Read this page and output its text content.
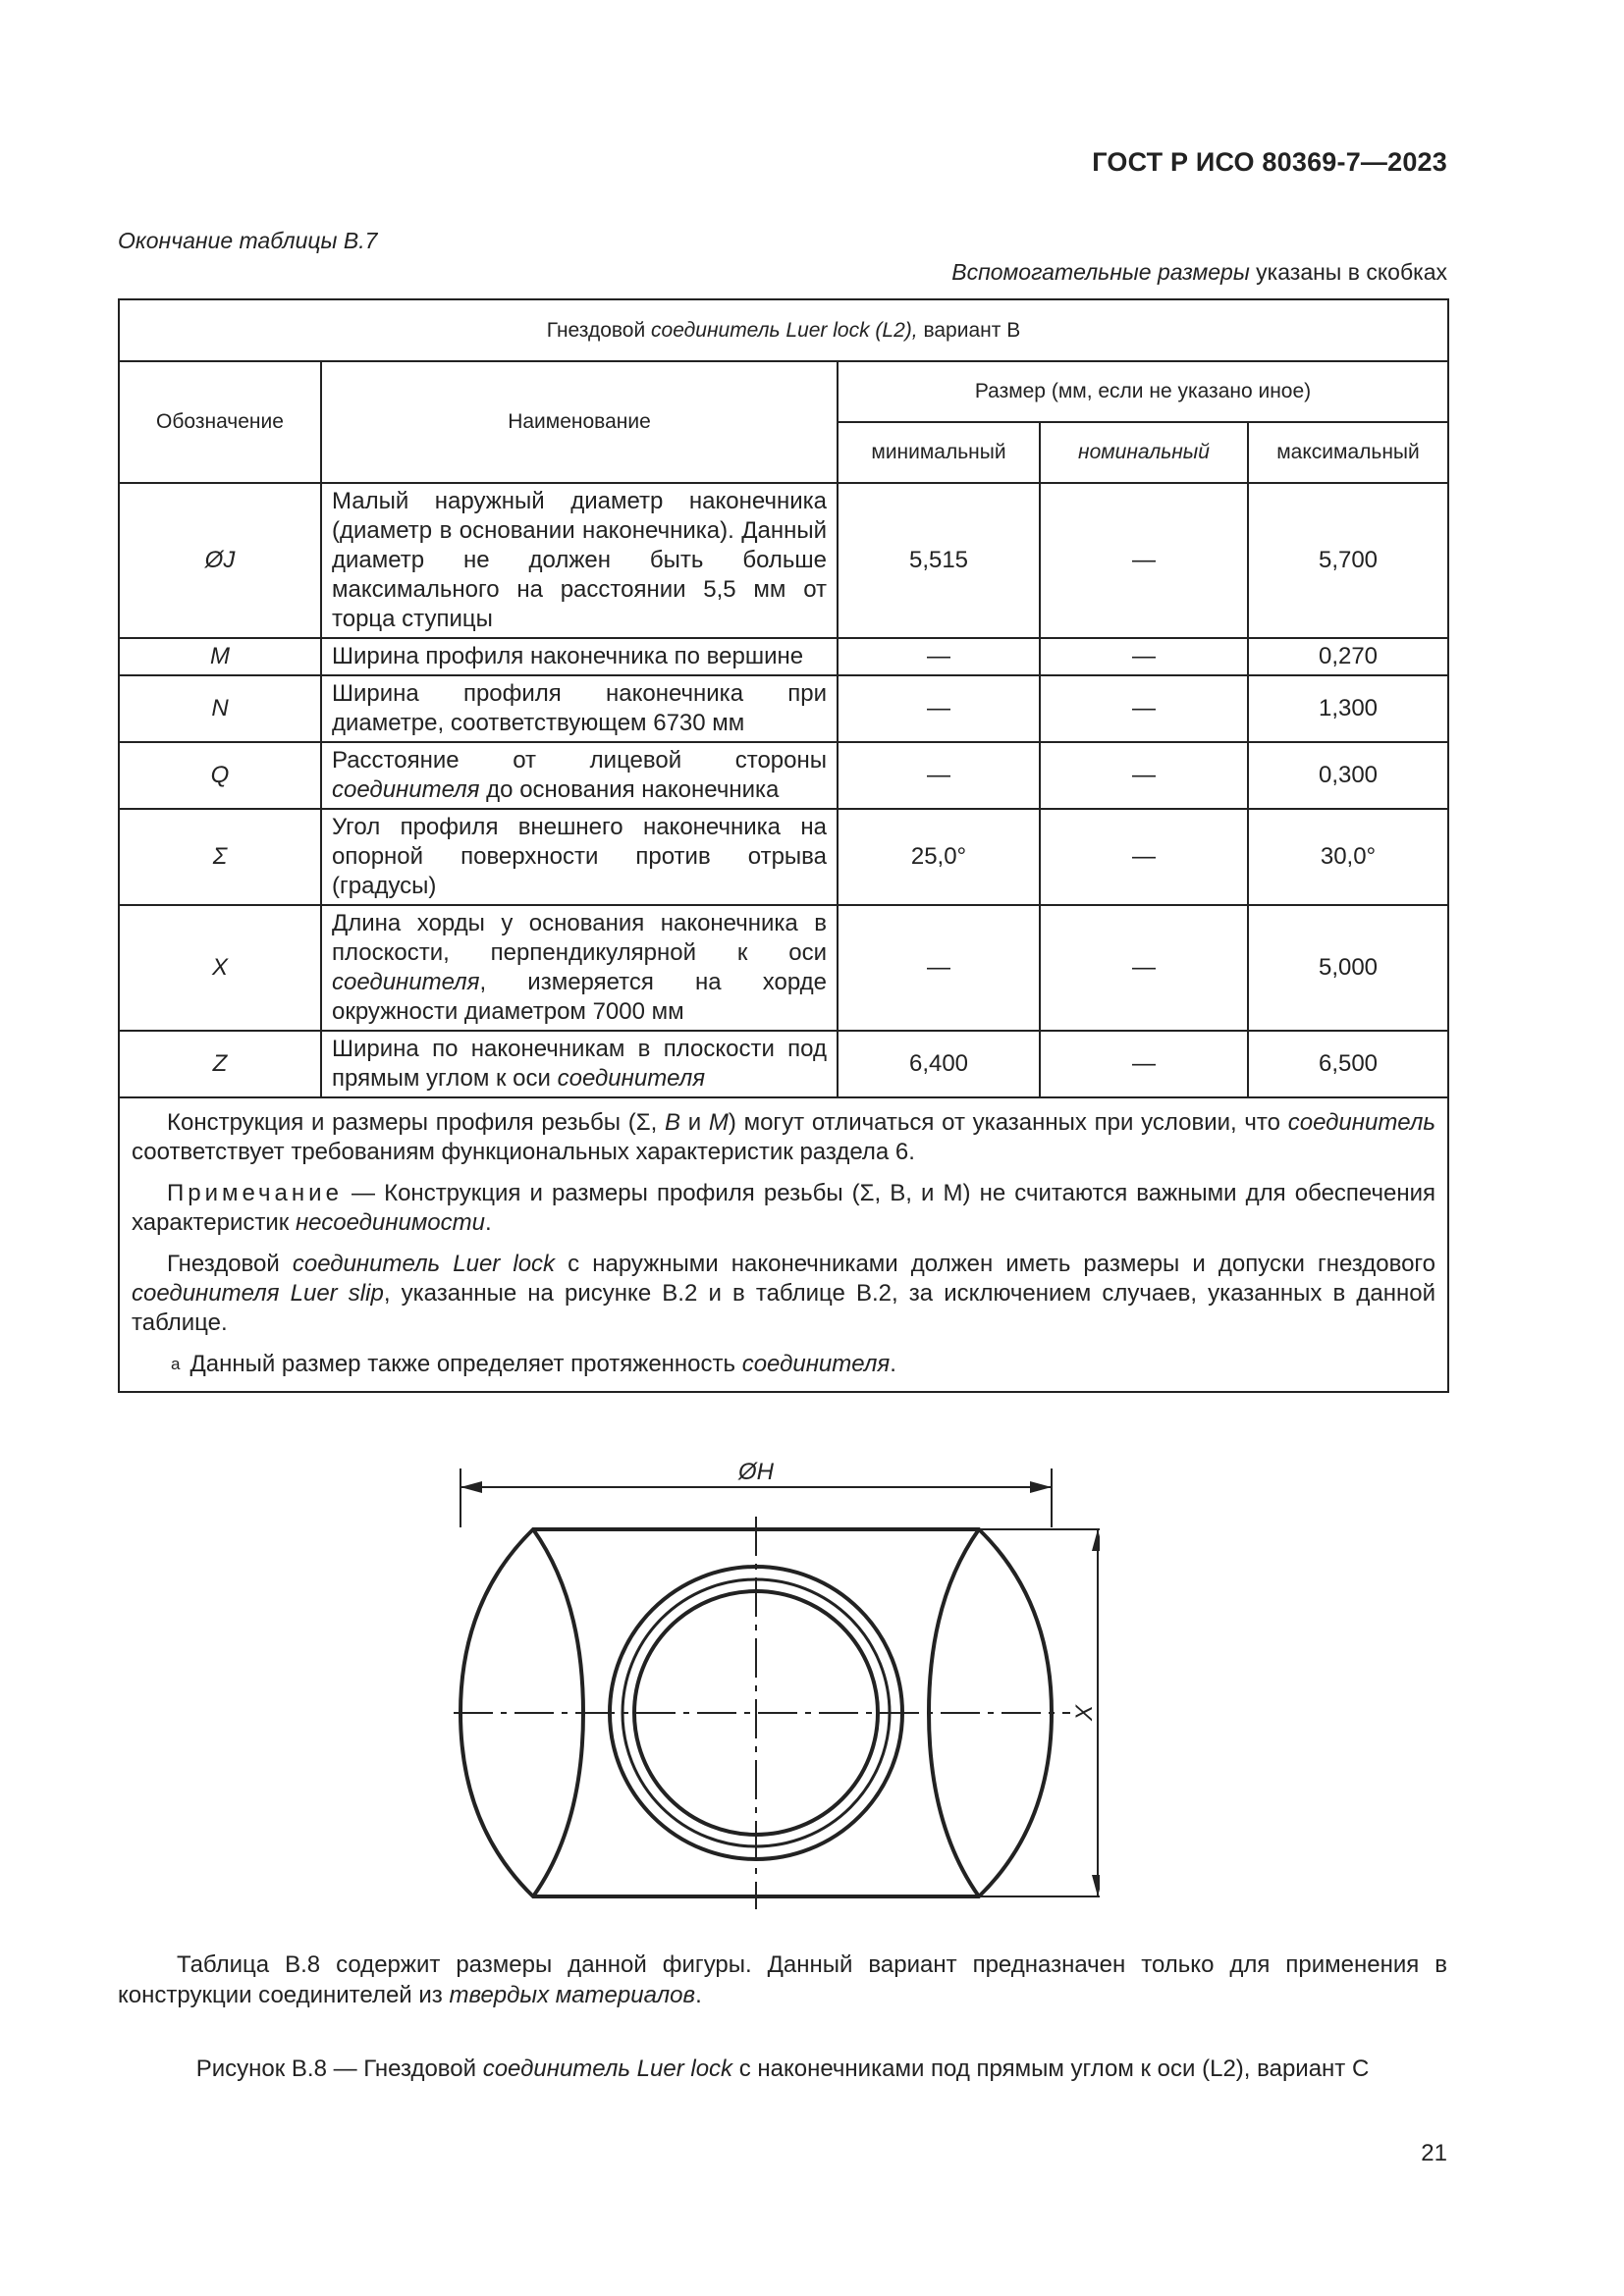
ГОСТ Р ИСО 80369-7—2023
Окончание таблицы В.7
Вспомогательные размеры указаны в скобках
Гнездовой соединитель Luer lock (L2), вариант В				
Обозначение	Наименование	Размер (мм, если не указано иное)		
		минимальный	номинальный	максимальный
ØJ	Малый наружный диаметр наконечника (диаметр в основании наконечника). Данный диаметр не должен быть больше максимального на расстоянии 5,5 мм от торца ступицы	5,515	—	5,700
M	Ширина профиля наконечника по вершине	—	—	0,270
N	Ширина профиля наконечника при диаметре, соответствующем 6730 мм	—	—	1,300
Q	Расстояние от лицевой стороны соединителя до основания наконечника	—	—	0,300
Σ	Угол профиля внешнего наконечника на опорной поверхности против отрыва (градусы)	25,0°	—	30,0°
X	Длина хорды у основания наконечника в плоскости, перпендикулярной к оси соединителя, измеряется на хорде окружности диаметром 7000 мм	—	—	5,000
Z	Ширина по наконечникам в плоскости под прямым углом к оси соединителя	6,400	—	6,500

Конструкция и размеры профиля резьбы (Σ, B и M) могут отличаться от указанных при условии, что соединитель соответствует требованиям функциональных характеристик раздела 6.

Примечание — Конструкция и размеры профиля резьбы (Σ, В, и М) не считаются важными для обеспечения характеристик несоединимости.

Гнездовой соединитель Luer lock с наружными наконечниками должен иметь размеры и допуски гнездового соединителя Luer slip, указанные на рисунке В.2 и в таблице В.2, за исключением случаев, указанных в данной таблице.

a Данный размер также определяет протяженность соединителя.				
ØH
X
Таблица В.8 содержит размеры данной фигуры. Данный вариант предназначен только для применения в конструкции соединителей из твердых материалов.
Рисунок В.8 — Гнездовой соединитель Luer lock с наконечниками под прямым углом к оси (L2), вариант С
21
